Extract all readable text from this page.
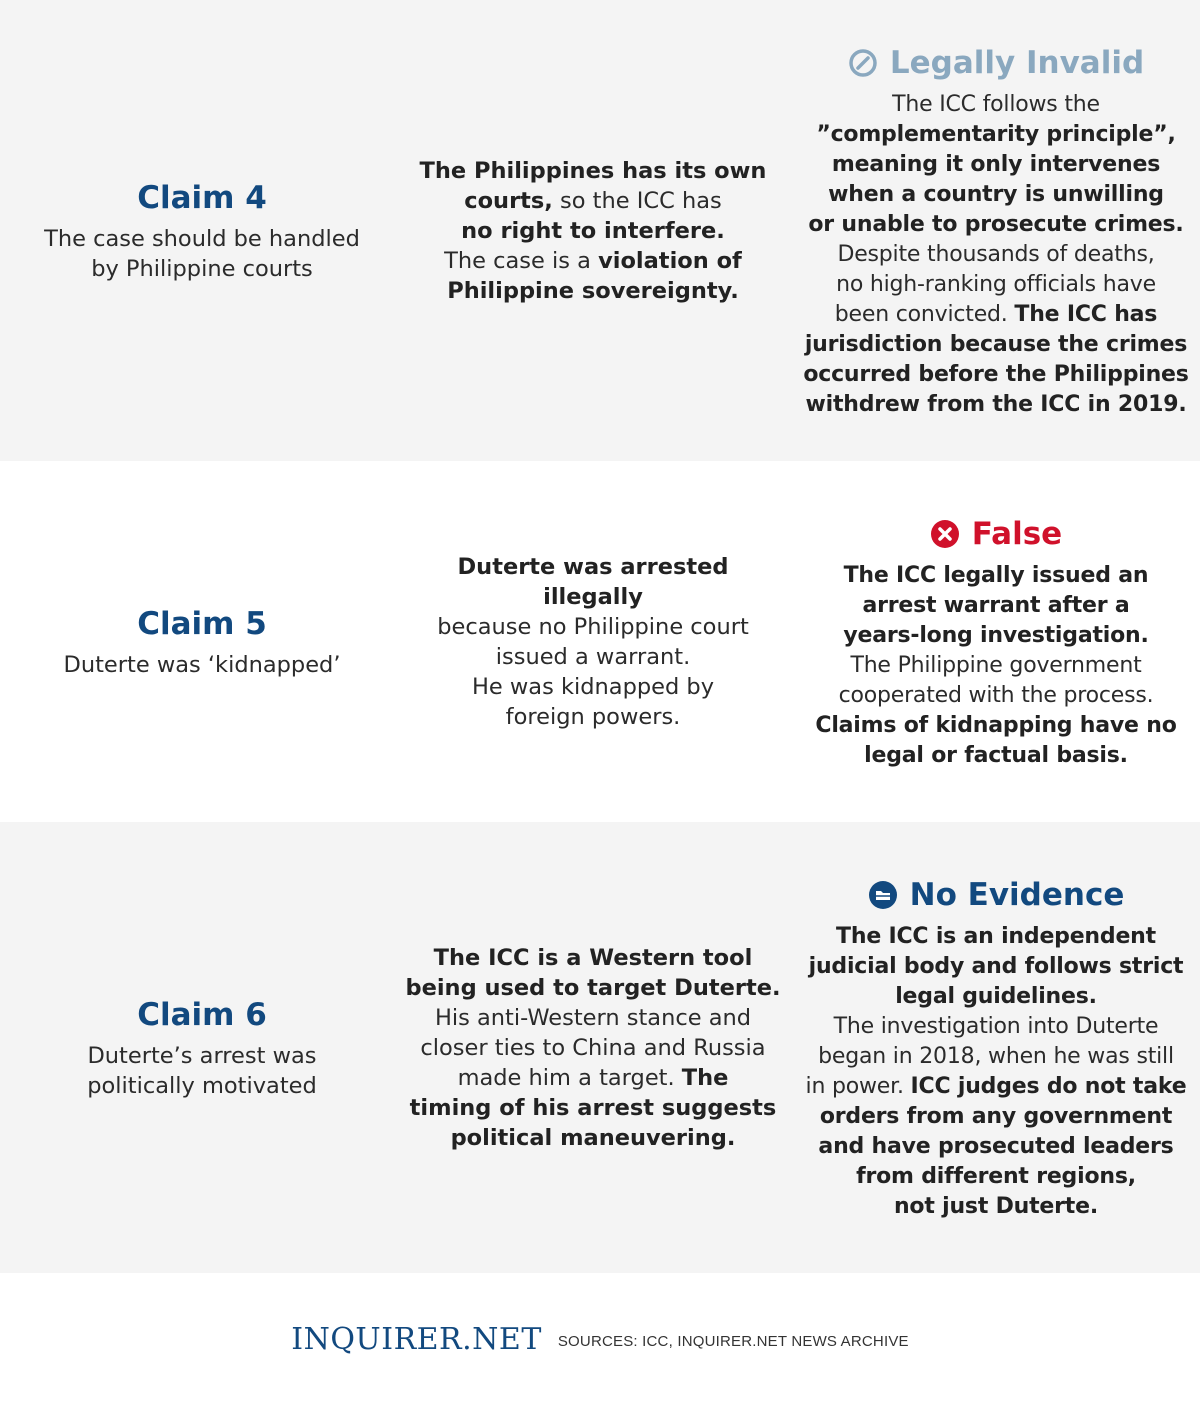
Claim 4

The case should be handled
by Philippine courts

The Philippines has its own
courts, so the ICC has
no right to interfere.
The case is a violation of
Philippine sovereignty.

Legally Invalid

The ICC follows the
”complementarity principle”,
meaning it only intervenes
when a country is unwilling
or unable to prosecute crimes.
Despite thousands of deaths,
no high-ranking officials have
been convicted. The ICC has
jurisdiction because the crimes
occurred before the Philippines
withdrew from the ICC in 2019.

Claim 5

Duterte was ‘kidnapped’

Duterte was arrested illegally
because no Philippine court
issued a warrant.
He was kidnapped by
foreign powers.

False

The ICC legally issued an
arrest warrant after a
years-long investigation.
The Philippine government
cooperated with the process.
Claims of kidnapping have no
legal or factual basis.

Claim 6

Duterte’s arrest was
politically motivated

The ICC is a Western tool
being used to target Duterte.
His anti-Western stance and
closer ties to China and Russia
made him a target. The
timing of his arrest suggests
political maneuvering.

No Evidence

The ICC is an independent
judicial body and follows strict
legal guidelines.
The investigation into Duterte
began in 2018, when he was still
in power. ICC judges do not take
orders from any government
and have prosecuted leaders
from different regions,
not just Duterte.

INQUIRER.NET SOURCES: ICC, INQUIRER.NET NEWS ARCHIVE
